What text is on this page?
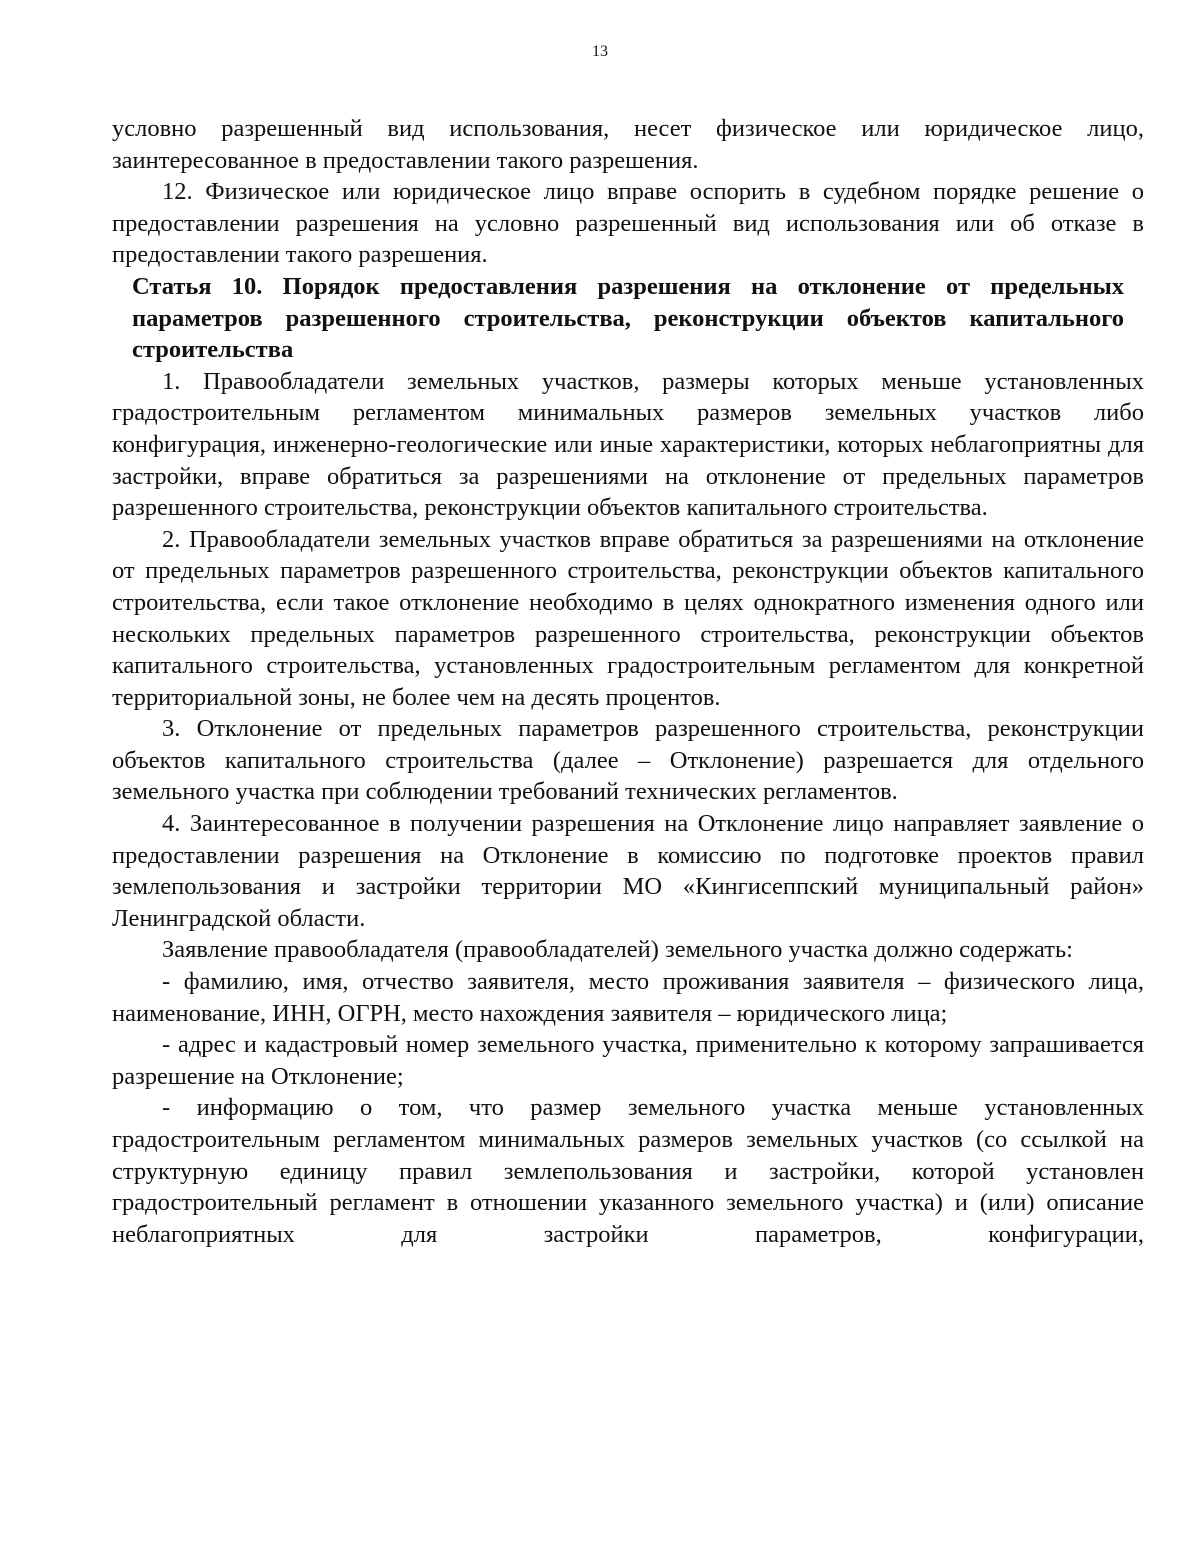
13

условно разрешенный вид использования, несет физическое или юридическое лицо, заинтересованное в предоставлении такого разрешения.

12. Физическое или юридическое лицо вправе оспорить в судебном порядке решение о предоставлении разрешения на условно разрешенный вид использования или об отказе в предоставлении такого разрешения.

Статья 10. Порядок предоставления разрешения на отклонение от предельных параметров разрешенного строительства, реконструкции объектов капитального строительства

1. Правообладатели земельных участков, размеры которых меньше установленных градостроительным регламентом минимальных размеров земельных участков либо конфигурация, инженерно-геологические или иные характеристики, которых неблагоприятны для застройки, вправе обратиться за разрешениями на отклонение от предельных параметров разрешенного строительства, реконструкции объектов капитального строительства.

2. Правообладатели земельных участков вправе обратиться за разрешениями на отклонение от предельных параметров разрешенного строительства, реконструкции объектов капитального строительства, если такое отклонение необходимо в целях однократного изменения одного или нескольких предельных параметров разрешенного строительства, реконструкции объектов капитального строительства, установленных градостроительным регламентом для конкретной территориальной зоны, не более чем на десять процентов.

3. Отклонение от предельных параметров разрешенного строительства, реконструкции объектов капитального строительства (далее – Отклонение) разрешается для отдельного земельного участка при соблюдении требований технических регламентов.

4. Заинтересованное в получении разрешения на Отклонение лицо направляет заявление о предоставлении разрешения на Отклонение в комиссию по подготовке проектов правил землепользования и застройки территории МО «Кингисеппский муниципальный район» Ленинградской области.

Заявление правообладателя (правообладателей) земельного участка должно содержать:

- фамилию, имя, отчество заявителя, место проживания заявителя – физического лица, наименование, ИНН, ОГРН, место нахождения заявителя – юридического лица;

- адрес и кадастровый номер земельного участка, применительно к которому запрашивается разрешение на Отклонение;

- информацию о том, что размер земельного участка меньше установленных градостроительным регламентом минимальных размеров земельных участков (со ссылкой на структурную единицу правил землепользования и застройки, которой установлен градостроительный регламент в отношении указанного земельного участка) и (или) описание неблагоприятных для застройки параметров, конфигурации,
